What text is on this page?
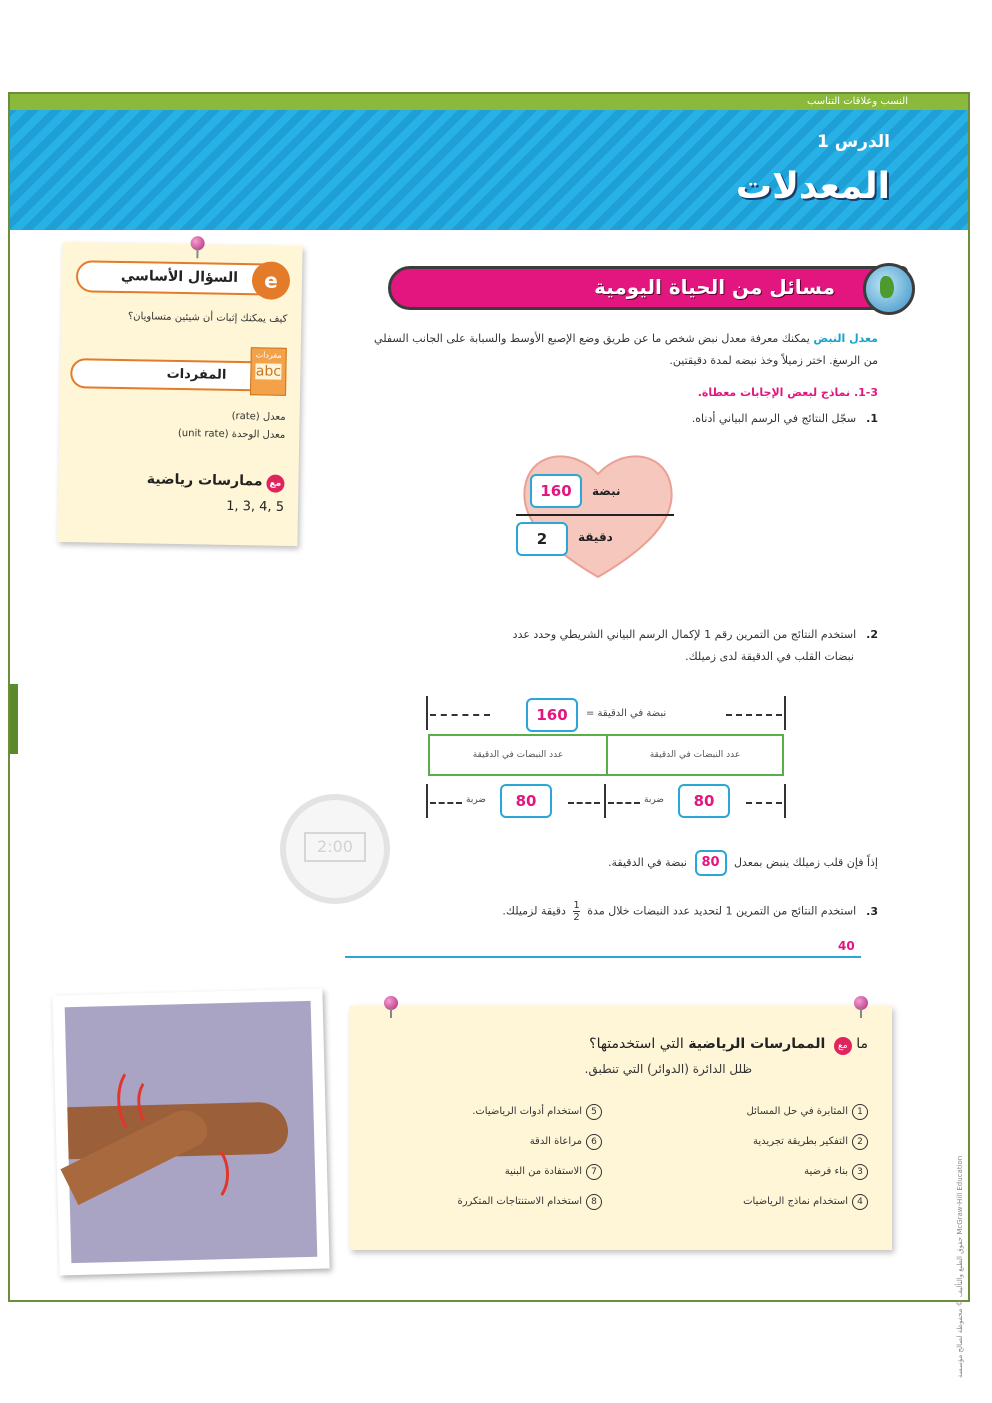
النسب وعلاقات التناسب
الدرس 1
المعدلات
السؤال الأساسي	e
كيف يمكنك إثبات أن شيئين متساويان؟
المفردات
مفردات
abc
معدل (rate)
معدل الوحدة (unit rate)
معممارسات رياضية
1, 3, 4, 5
مسائل من الحياة اليومية
معدل النبض يمكنك معرفة معدل نبض شخص ما عن طريق وضع الإصبع الأوسط والسبابة على الجانب السفلي من الرسغ. اختر زميلاً وخذ نبضه لمدة دقيقتين.
1-3. نماذج لبعض الإجابات معطاة.
1.سجّل النتائج في الرسم البياني أدناه.
160	نبضة
2	دقيقة
2.استخدم النتائج من التمرين رقم 1 لإكمال الرسم البياني الشريطي وحدد عدد
نبضات القلب في الدقيقة لدى زميلك.
160	نبضة في الدقيقة =
عدد النبضات في الدقيقة
عدد النبضات في الدقيقة
ضربة	80	ضربة	80
2:00
إذاً فإن قلب زميلك ينبض بمعدل 80 نبضة في الدقيقة.
3.استخدم النتائج من التمرين 1 لتحديد عدد النبضات خلال مدة
$\frac{1}{2}$
دقيقة لزميلك.
40
ما مع الممارسات الرياضية التي استخدمتها؟
ظلل الدائرة (الدوائر) التي تنطبق.
1المثابرة في حل المسائل
2التفكير بطريقة تجريدية
3بناء فرضية
4استخدام نماذج الرياضيات
5استخدام أدوات الرياضيات.
6مراعاة الدقة
7الاستفادة من البنية
8استخدام الاستنتاجات المتكررة
حقوق الطبع والتأليف © محفوظة لصالح مؤسسة McGraw-Hill Education
